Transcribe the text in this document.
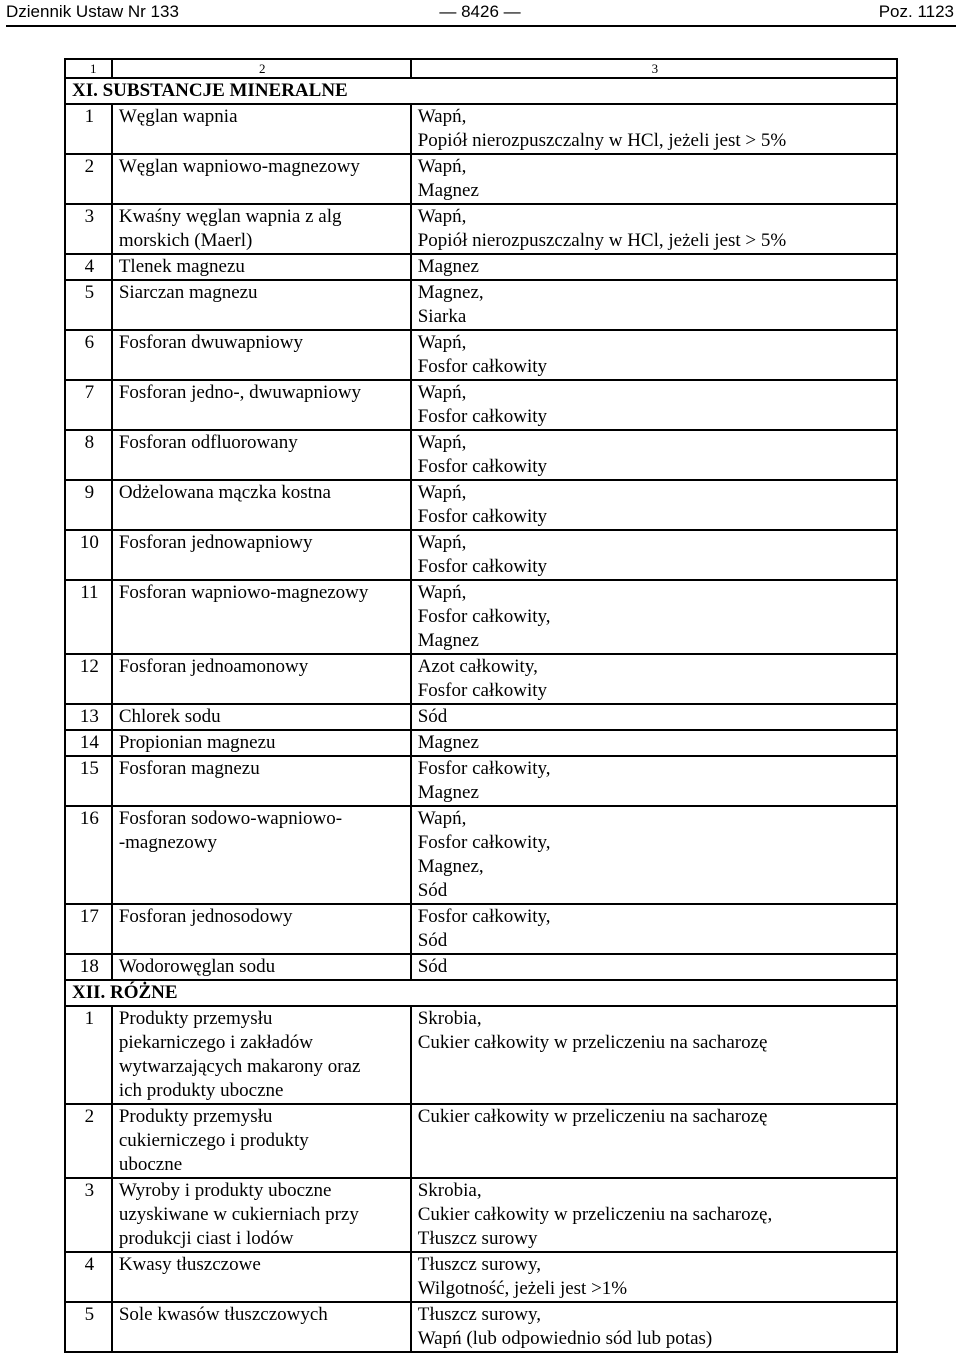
Dziennik Ustaw Nr 133	— 8426 —	Poz. 1123
1	2	3
XI. SUBSTANCJE MINERALNE		
1	Węglan wapnia	Wapń,
Popiół nierozpuszczalny w HCl, jeżeli jest > 5%

2	Węglan wapniowo-magnezowy	Wapń,
Magnez

3	Kwaśny węglan wapnia z alg
morskich (Maerl)	Wapń,
Popiół nierozpuszczalny w HCl, jeżeli jest > 5%

4	Tlenek magnezu	Magnez

5	Siarczan magnezu	Magnez,
Siarka

6	Fosforan dwuwapniowy	Wapń,
Fosfor całkowity

7	Fosforan jedno-, dwuwapniowy	Wapń,
Fosfor całkowity

8	Fosforan odfluorowany	Wapń,
Fosfor całkowity

9	Odżelowana mączka kostna	Wapń,
Fosfor całkowity

10	Fosforan jednowapniowy	Wapń,
Fosfor całkowity

11	Fosforan wapniowo-magnezowy	Wapń,
Fosfor całkowity,
Magnez

12	Fosforan jednoamonowy	Azot całkowity,
Fosfor całkowity

13	Chlorek sodu	Sód

14	Propionian magnezu	Magnez

15	Fosforan magnezu	Fosfor całkowity,
Magnez

16	Fosforan sodowo-wapniowo-
-magnezowy	Wapń,
Fosfor całkowity,
Magnez,
Sód

17	Fosforan jednosodowy	Fosfor całkowity,
Sód

18	Wodorowęglan sodu	Sód

XII. RÓŻNE		
1	Produkty przemysłu
piekarniczego i zakładów
wytwarzających makarony oraz
ich produkty uboczne	Skrobia,
Cukier całkowity w przeliczeniu na sacharozę

2	Produkty przemysłu
cukierniczego i produkty
uboczne	Cukier całkowity w przeliczeniu na sacharozę

3	Wyroby i produkty uboczne
uzyskiwane w cukierniach przy
produkcji ciast i lodów	Skrobia,
Cukier całkowity w przeliczeniu na sacharozę,
Tłuszcz surowy

4	Kwasy tłuszczowe	Tłuszcz surowy,
Wilgotność, jeżeli jest >1%

5	Sole kwasów tłuszczowych	Tłuszcz surowy,
Wapń (lub odpowiednio sód lub potas)
